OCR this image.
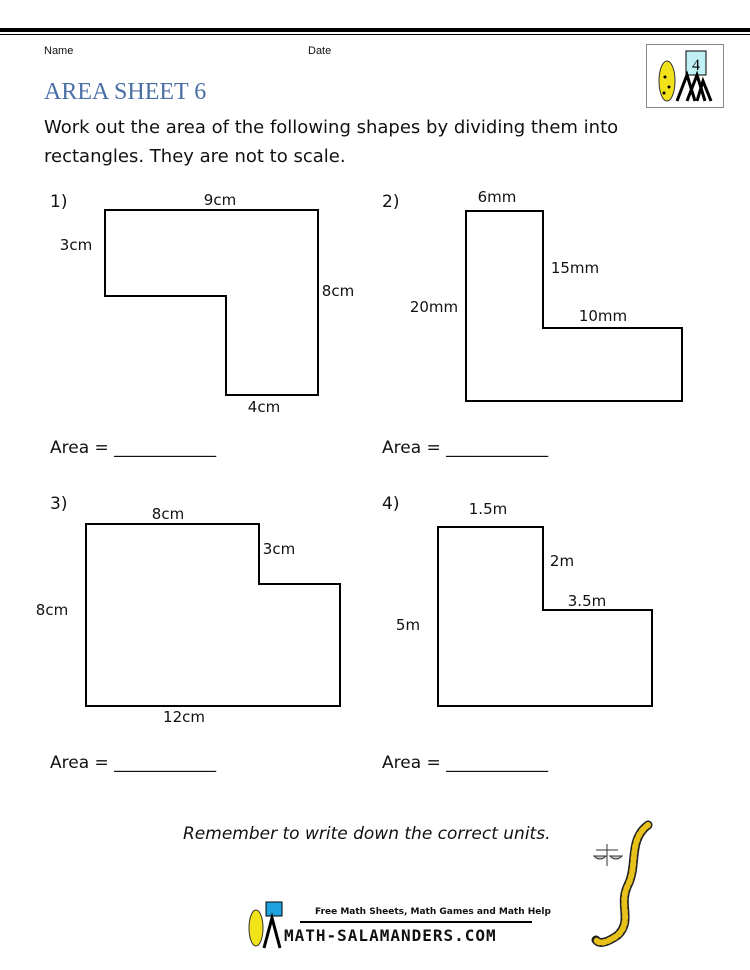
Name	Date
AREA SHEET 6
4
Work out the area of the following shapes by dividing them into
rectangles. They are not to scale.
1)	9cm
3cm
8cm
4cm
Area = ____________
2)	6mm
15mm
20mm	10mm
Area = ____________
3)	8cm
3cm
8cm
12cm
Area = ____________
4)	1.5m
2m
3.5m
5m
Area = ____________
Remember to write down the correct units.
Free Math Sheets, Math Games and Math Help
MATH-SALAMANDERS.COM
